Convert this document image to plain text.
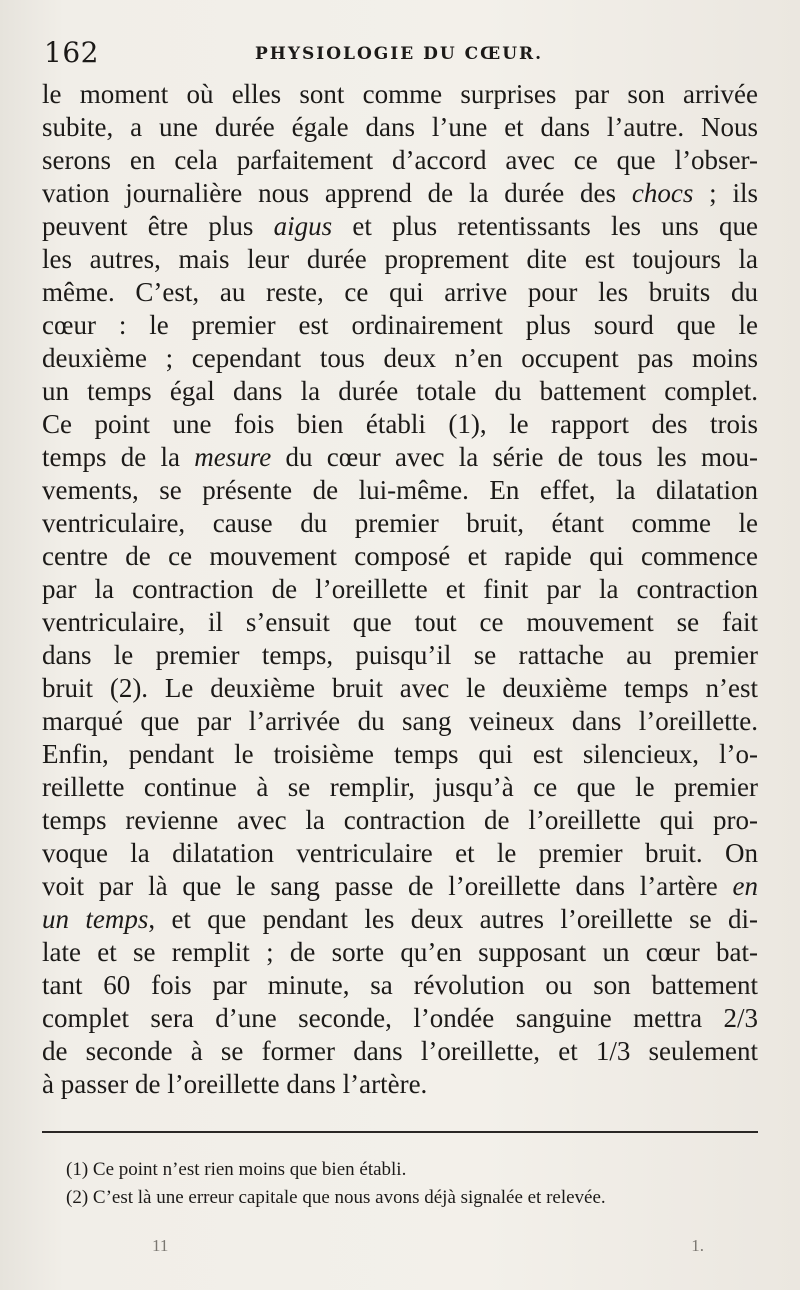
162	PHYSIOLOGIE DU CŒUR.
le moment où elles sont comme surprises par son arrivée
subite, a une durée égale dans l’une et dans l’autre. Nous
serons en cela parfaitement d’accord avec ce que l’obser-
vation journalière nous apprend de la durée des chocs ; ils
peuvent être plus aigus et plus retentissants les uns que
les autres, mais leur durée proprement dite est toujours la
même. C’est, au reste, ce qui arrive pour les bruits du
cœur : le premier est ordinairement plus sourd que le
deuxième ; cependant tous deux n’en occupent pas moins
un temps égal dans la durée totale du battement complet.
Ce point une fois bien établi (1), le rapport des trois
temps de la mesure du cœur avec la série de tous les mou-
vements, se présente de lui-même. En effet, la dilatation
ventriculaire, cause du premier bruit, étant comme le
centre de ce mouvement composé et rapide qui commence
par la contraction de l’oreillette et finit par la contraction
ventriculaire, il s’ensuit que tout ce mouvement se fait
dans le premier temps, puisqu’il se rattache au premier
bruit (2). Le deuxième bruit avec le deuxième temps n’est
marqué que par l’arrivée du sang veineux dans l’oreillette.
Enfin, pendant le troisième temps qui est silencieux, l’o-
reillette continue à se remplir, jusqu’à ce que le premier
temps revienne avec la contraction de l’oreillette qui pro-
voque la dilatation ventriculaire et le premier bruit. On
voit par là que le sang passe de l’oreillette dans l’artère en
un temps, et que pendant les deux autres l’oreillette se di-
late et se remplit ; de sorte qu’en supposant un cœur bat-
tant 60 fois par minute, sa révolution ou son battement
complet sera d’une seconde, l’ondée sanguine mettra 2/3
de seconde à se former dans l’oreillette, et 1/3 seulement
à passer de l’oreillette dans l’artère.
(1) Ce point n’est rien moins que bien établi.
(2) C’est là une erreur capitale que nous avons déjà signalée et relevée.
11	1.
